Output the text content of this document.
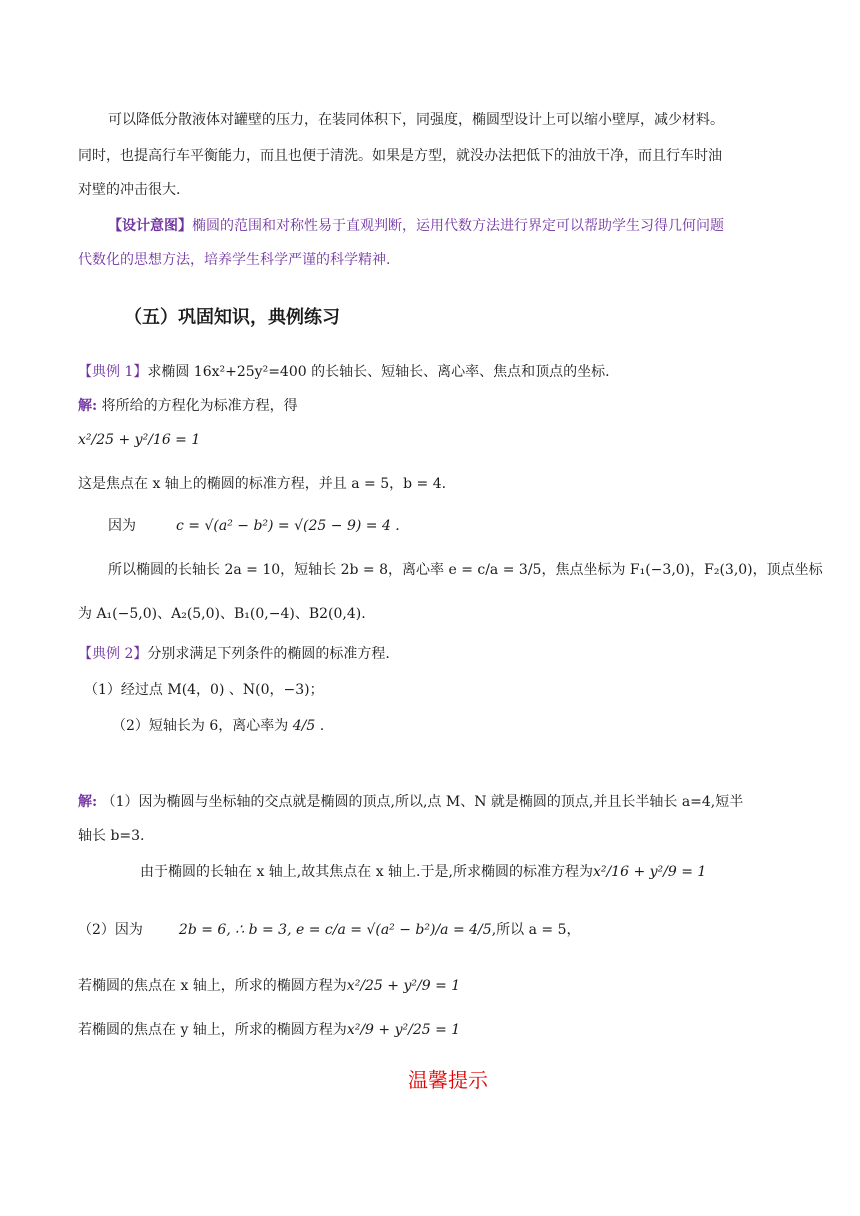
可以降低分散液体对罐壁的压力，在装同体积下，同强度，椭圆型设计上可以缩小壁厚，减少材料。
同时，也提高行车平衡能力，而且也便于清洗。如果是方型，就没办法把低下的油放干净，而且行车时油
对壁的冲击很大.
【设计意图】椭圆的范围和对称性易于直观判断，运用代数方法进行界定可以帮助学生习得几何问题
代数化的思想方法，培养学生科学严谨的科学精神.
（五）巩固知识，典例练习
【典例 1】求椭圆 16x²+25y²=400 的长轴长、短轴长、离心率、焦点和顶点的坐标.
解: 将所给的方程化为标准方程，得
x²/25 + y²/16 = 1
这是焦点在 x 轴上的椭圆的标准方程，并且 a = 5，b = 4.
因为	c = √(a² − b²) = √(25 − 9) = 4 .
所以椭圆的长轴长 2a = 10，短轴长 2b = 8，离心率 e = c/a = 3/5，焦点坐标为 F₁(−3,0)，F₂(3,0)，顶点坐标
为 A₁(−5,0)、A₂(5,0)、B₁(0,−4)、B2(0,4).
【典例 2】分别求满足下列条件的椭圆的标准方程.
（1）经过点 M(4，0) 、N(0，−3)；
（2）短轴长为 6，离心率为 4/5 .
解: （1）因为椭圆与坐标轴的交点就是椭圆的顶点,所以,点 M、N 就是椭圆的顶点,并且长半轴长 a=4,短半
轴长 b=3.
由于椭圆的长轴在 x 轴上,故其焦点在 x 轴上.于是,所求椭圆的标准方程为x²/16 + y²/9 = 1
（2）因为	2b = 6, ∴ b = 3, e = c/a = √(a² − b²)/a = 4/5,所以 a = 5，
若椭圆的焦点在 x 轴上，所求的椭圆方程为x²/25 + y²/9 = 1
若椭圆的焦点在 y 轴上，所求的椭圆方程为x²/9 + y²/25 = 1
温馨提示
